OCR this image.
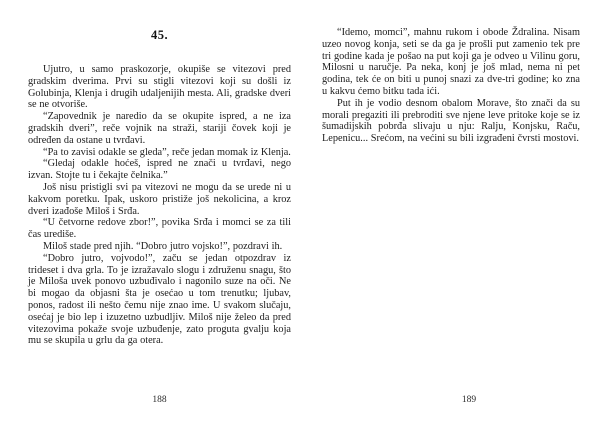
45.

Ujutro, u samo praskozorje, okupiše se vitezovi pred gradskim dverima. Prvi su stigli vitezovi koji su došli iz Golubinja, Klenja i drugih udaljenijih mesta. Ali, gradske dveri se ne otvoriše.

“Zapovednik je naredio da se okupite ispred, a ne iza gradskih dveri”, reče vojnik na straži, stariji čovek koji je određen da ostane u tvrđavi.

“Pa to zavisi odakle se gleda”, reče jedan momak iz Klenja.

“Gledaj odakle hoćeš, ispred ne znači u tvrđavi, nego izvan. Stojte tu i čekajte čelnika.”

Još nisu pristigli svi pa vitezovi ne mogu da se urede ni u kakvom poretku. Ipak, uskoro pristiže još nekolicina, a kroz dveri izađoše Miloš i Srđa.

“U četvorne redove zbor!”, povika Srđa i momci se za tili čas urediše.

Miloš stade pred njih. “Dobro jutro vojsko!”, pozdravi ih.

“Dobro jutro, vojvodo!”, začu se jedan otpozdrav iz trideset i dva grla. To je izražavalo slogu i združenu snagu, što je Miloša uvek ponovo uzbuđivalo i nagonilo suze na oči. Ne bi mogao da objasni šta je osećao u tom trenutku; ljubav, ponos, radost ili nešto čemu nije znao ime. U svakom slučaju, osećaj je bio lep i izuzetno uzbudljiv. Miloš nije želeo da pred vitezovima pokaže svoje uzbuđenje, zato proguta gvalju koja mu se skupila u grlu da ga otera.

188

“Idemo, momci”, mahnu rukom i obode Ždralina. Nisam uzeo novog konja, seti se da ga je prošli put zamenio tek pre tri godine kada je pošao na put koji ga je odveo u Vilinu goru, Milosni u naručje. Pa neka, konj je još mlad, nema ni pet godina, tek će on biti u punoj snazi za dve-tri godine; ko zna u kakvu ćemo bitku tada ići.

Put ih je vodio desnom obalom Morave, što znači da su morali pregaziti ili prebroditi sve njene leve pritoke koje se iz šumadijskih pobrđa slivaju u nju: Ralju, Konjsku, Raču, Lepenicu... Srećom, na većini su bili izgrađeni čvrsti mostovi.

189
